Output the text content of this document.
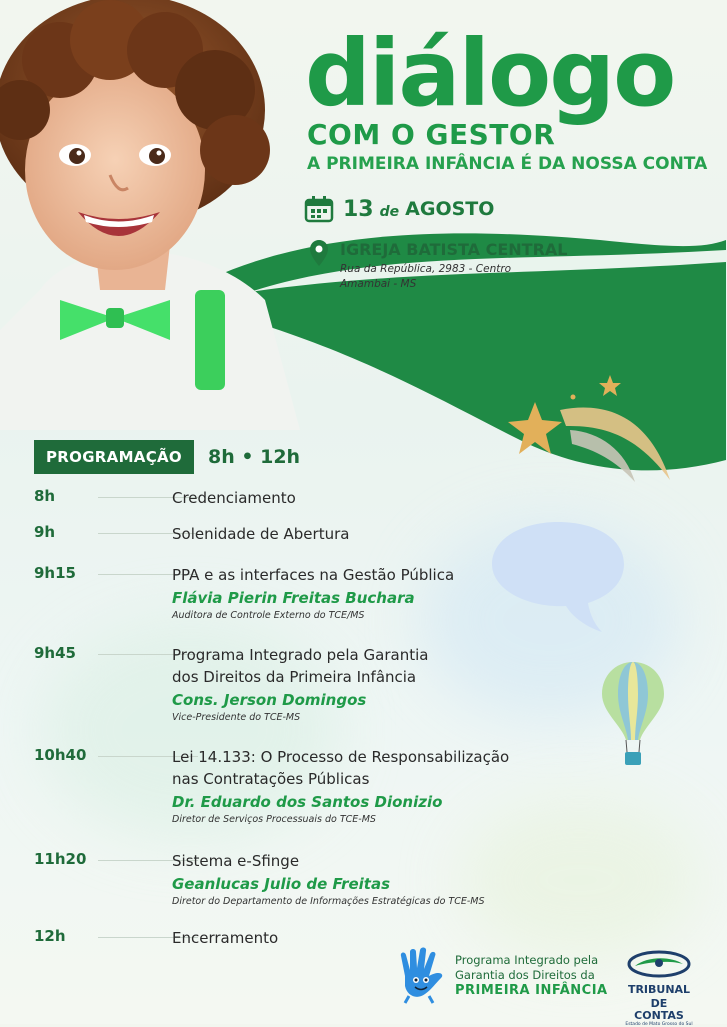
diálogo
COM O GESTOR
A PRIMEIRA INFÂNCIA É DA NOSSA CONTA
13 de AGOSTO
IGREJA BATISTA CENTRAL
Rua da República, 2983 - Centro
Amambai - MS
PROGRAMAÇÃO	8h • 12h
8h	Credenciamento
9h	Solenidade de Abertura
9h15	PPA e as interfaces na Gestão Pública
Flávia Pierin Freitas Buchara
Auditora de Controle Externo do TCE/MS
9h45	Programa Integrado pela Garantia
dos Direitos da Primeira Infância
Cons. Jerson Domingos
Vice-Presidente do TCE-MS
10h40	Lei 14.133: O Processo de Responsabilização
nas Contratações Públicas
Dr. Eduardo dos Santos Dionizio
Diretor de Serviços Processuais do TCE-MS
11h20	Sistema e-Sfinge
Geanlucas Julio de Freitas
Diretor do Departamento de Informações Estratégicas do TCE-MS
12h	Encerramento
Programa Integrado pela
Garantia dos Direitos da
PRIMEIRA INFÂNCIA	TRIBUNAL
DE CONTAS
Estado de Mato Grosso do Sul
